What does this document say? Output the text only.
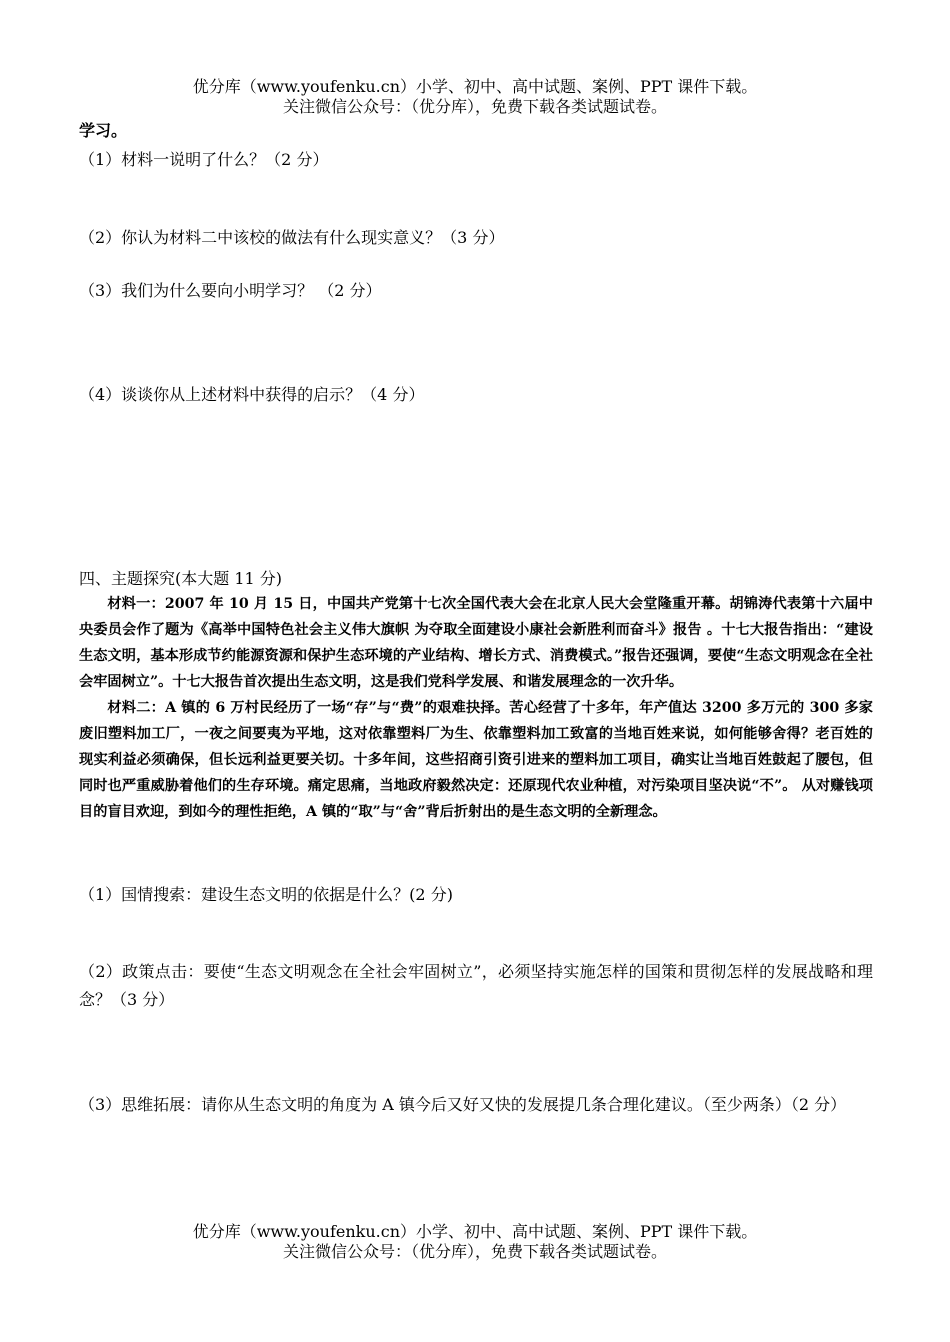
优分库（www.youfenku.cn）小学、初中、高中试题、案例、PPT 课件下载。
关注微信公众号：（优分库），免费下载各类试题试卷。
学习。
（1）材料一说明了什么？（2 分）
（2）你认为材料二中该校的做法有什么现实意义？（3 分）
（3）我们为什么要向小明学习？ （2 分）
（4）谈谈你从上述材料中获得的启示？（4 分）
四、主题探究(本大题 11 分)

材料一：2007 年 10 月 15 日，中国共产党第十七次全国代表大会在北京人民大会堂隆重开幕。胡锦涛代表第十六届中央委员会作了题为《高举中国特色社会主义伟大旗帜 为夺取全面建设小康社会新胜利而奋斗》报告 。十七大报告指出：“建设生态文明，基本形成节约能源资源和保护生态环境的产业结构、增长方式、消费模式。”报告还强调，要使“生态文明观念在全社会牢固树立”。十七大报告首次提出生态文明，这是我们党科学发展、和谐发展理念的一次升华。

材料二：A 镇的 6 万村民经历了一场“存”与“费”的艰难抉择。苦心经营了十多年，年产值达 3200 多万元的 300 多家废旧塑料加工厂，一夜之间要夷为平地，这对依靠塑料厂为生、依靠塑料加工致富的当地百姓来说，如何能够舍得？老百姓的现实利益必须确保，但长远利益更要关切。十多年间，这些招商引资引进来的塑料加工项目，确实让当地百姓鼓起了腰包，但同时也严重威胁着他们的生存环境。痛定思痛，当地政府毅然决定：还原现代农业种植，对污染项目坚决说“不”。 从对赚钱项目的盲目欢迎，到如今的理性拒绝，A 镇的“取”与“舍”背后折射出的是生态文明的全新理念。

（1）国情搜索：建设生态文明的依据是什么？(2 分)

（2）政策点击：要使“生态文明观念在全社会牢固树立”，必须坚持实施怎样的国策和贯彻怎样的发展战略和理念？（3 分）

（3）思维拓展：请你从生态文明的角度为 A 镇今后又好又快的发展提几条合理化建议。（至少两条）（2 分）

优分库（www.youfenku.cn）小学、初中、高中试题、案例、PPT 课件下载。
关注微信公众号：（优分库），免费下载各类试题试卷。
